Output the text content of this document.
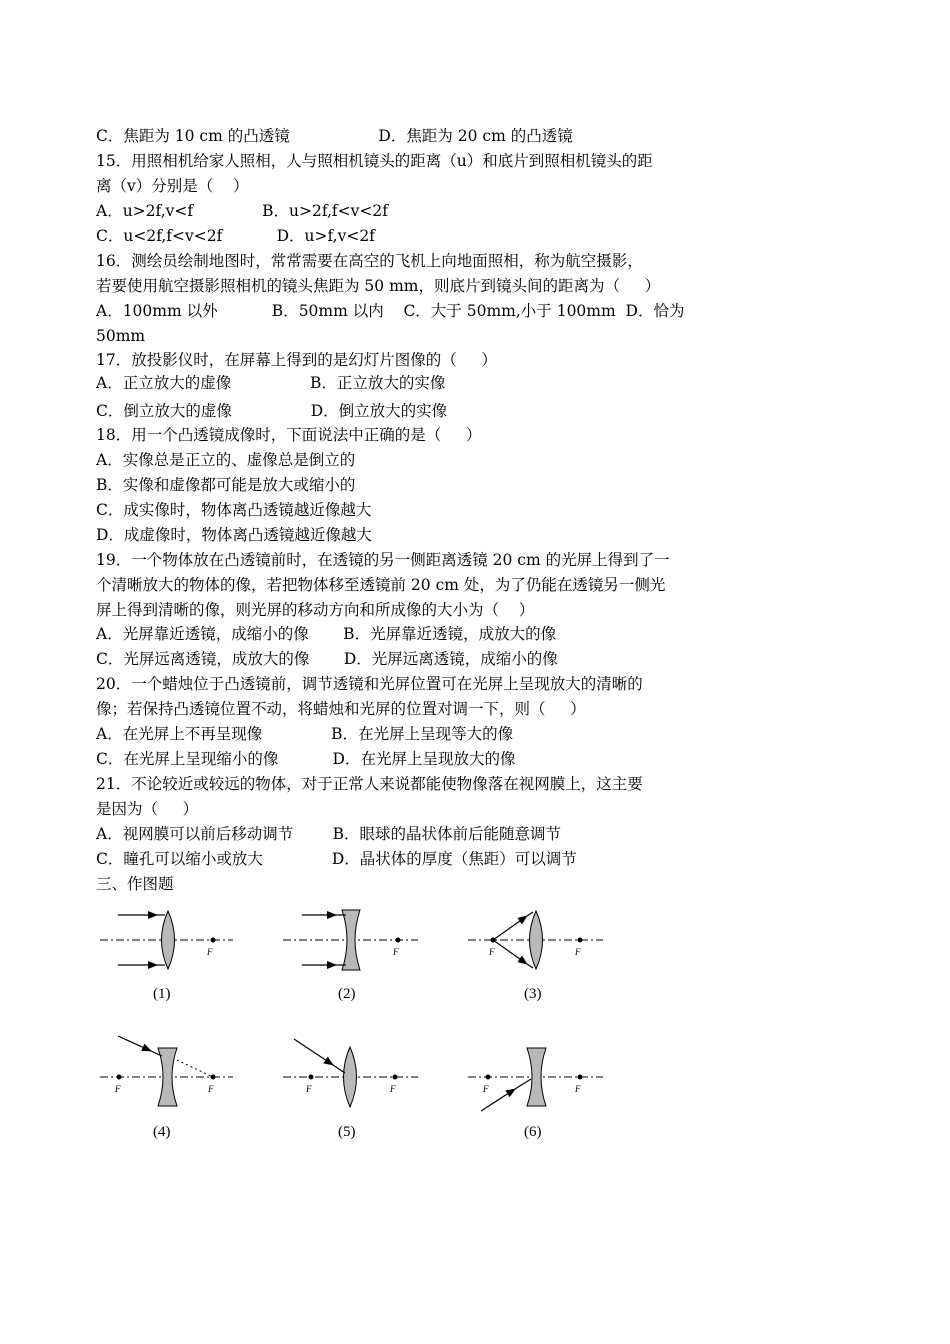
C．焦距为 10 cm 的凸透镜                  D．焦距为 20 cm 的凸透镜
15．用照相机给家人照相，人与照相机镜头的距离（u）和底片到照相机镜头的距
离（v）分别是（    ）
A．u>2f,v<f              B．u>2f,f<v<2f
C．u<2f,f<v<2f           D．u>f,v<2f
16．测绘员绘制地图时，常常需要在高空的飞机上向地面照相，称为航空摄影，
若要使用航空摄影照相机的镜头焦距为 50 mm，则底片到镜头间的距离为（     ）
A．100mm 以外           B．50mm 以内    C．大于 50mm,小于 100mm  D．恰为
50mm
17．放投影仪时，在屏幕上得到的是幻灯片图像的（     ）
A．正立放大的虚像                B．正立放大的实像
C．倒立放大的虚像                D．倒立放大的实像
18．用一个凸透镜成像时，下面说法中正确的是（     ）
A．实像总是正立的、虚像总是倒立的
B．实像和虚像都可能是放大或缩小的
C．成实像时，物体离凸透镜越近像越大
D．成虚像时，物体离凸透镜越近像越大
19．一个物体放在凸透镜前时，在透镜的另一侧距离透镜 20 cm 的光屏上得到了一
个清晰放大的物体的像，若把物体移至透镜前 20 cm 处，为了仍能在透镜另一侧光
屏上得到清晰的像，则光屏的移动方向和所成像的大小为（    ）
A．光屏靠近透镜，成缩小的像       B．光屏靠近透镜，成放大的像
C．光屏远离透镜，成放大的像       D．光屏远离透镜，成缩小的像
20．一个蜡烛位于凸透镜前，调节透镜和光屏位置可在光屏上呈现放大的清晰的
像；若保持凸透镜位置不动，将蜡烛和光屏的位置对调一下，则（     ）
A．在光屏上不再呈现像              B．在光屏上呈现等大的像
C．在光屏上呈现缩小的像           D．在光屏上呈现放大的像
21．不论较近或较远的物体，对于正常人来说都能使物像落在视网膜上，这主要
是因为（     ）
A．视网膜可以前后移动调节        B．眼球的晶状体前后能随意调节
C．瞳孔可以缩小或放大              D．晶状体的厚度（焦距）可以调节
三、作图题
F
(1)
F
(2)
F	F
(3)
F	F
(4)
F	F
(5)
F	F
(6)
